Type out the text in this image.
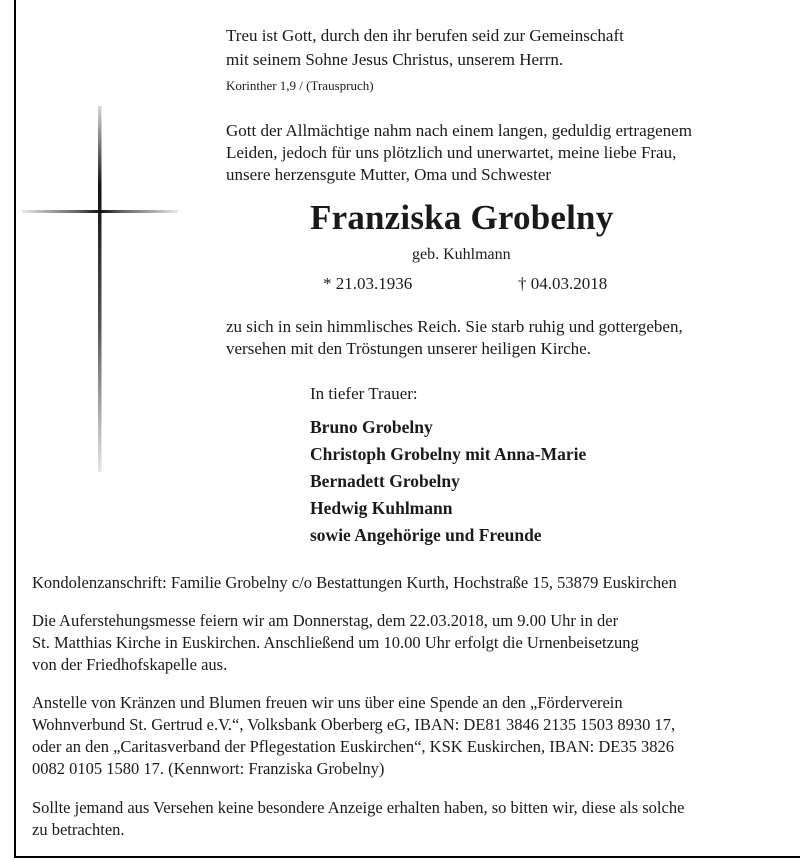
Treu ist Gott, durch den ihr berufen seid zur Gemeinschaft

mit seinem Sohne Jesus Christus, unserem Herrn.

Korinther 1,9 / (Trauspruch)

Gott der Allmächtige nahm nach einem langen, geduldig ertragenem

Leiden, jedoch für uns plötzlich und unerwartet, meine liebe Frau,

unsere herzensgute Mutter, Oma und Schwester

Franziska Grobelny

geb. Kuhlmann

* 21.03.1936	† 04.03.2018

zu sich in sein himmlisches Reich. Sie starb ruhig und gottergeben,

versehen mit den Tröstungen unserer heiligen Kirche.

In tiefer Trauer:

Bruno Grobelny

Christoph Grobelny mit Anna-Marie

Bernadett Grobelny

Hedwig Kuhlmann

sowie Angehörige und Freunde

Kondolenzanschrift: Familie Grobelny c/o Bestattungen Kurth, Hochstraße 15, 53879 Euskirchen

Die Auferstehungsmesse feiern wir am Donnerstag, dem 22.03.2018, um 9.00 Uhr in der

St. Matthias Kirche in Euskirchen. Anschließend um 10.00 Uhr erfolgt die Urnenbeisetzung

von der Friedhofskapelle aus.

Anstelle von Kränzen und Blumen freuen wir uns über eine Spende an den „Förderverein

Wohnverbund St. Gertrud e.V.“, Volksbank Oberberg eG, IBAN: DE81 3846 2135 1503 8930 17,

oder an den „Caritasverband der Pflegestation Euskirchen“, KSK Euskirchen, IBAN: DE35 3826

0082 0105 1580 17. (Kennwort: Franziska Grobelny)

Sollte jemand aus Versehen keine besondere Anzeige erhalten haben, so bitten wir, diese als solche

zu betrachten.
